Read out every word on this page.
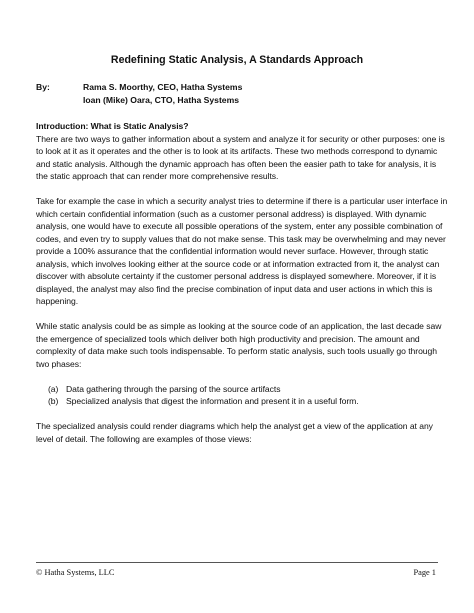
Redefining Static Analysis, A Standards Approach
By:	Rama S. Moorthy, CEO, Hatha Systems
Ioan (Mike) Oara, CTO, Hatha Systems

Introduction: What is Static Analysis?
There are two ways to gather information about a system and analyze it for security or other purposes: one is to look at it as it operates and the other is to look at its artifacts. These two methods correspond to dynamic and static analysis. Although the dynamic approach has often been the easier path to take for analysis, it is the static approach that can render more comprehensive results.

Take for example the case in which a security analyst tries to determine if there is a particular user interface in which certain confidential information (such as a customer personal address) is displayed. With dynamic analysis, one would have to execute all possible operations of the system, enter any possible combination of codes, and even try to supply values that do not make sense. This task may be overwhelming and may never provide a 100% assurance that the confidential information would never surface. However, through static analysis, which involves looking either at the source code or at information extracted from it, the analyst can discover with absolute certainty if the customer personal address is displayed somewhere. Moreover, if it is displayed, the analyst may also find the precise combination of input data and user actions in which this is happening.

While static analysis could be as simple as looking at the source code of an application, the last decade saw the emergence of specialized tools which deliver both high productivity and precision. The amount and complexity of data make such tools indispensable. To perform static analysis, such tools usually go through two phases:

(a) Data gathering through the parsing of the source artifacts
(b) Specialized analysis that digest the information and present it in a useful form.

The specialized analysis could render diagrams which help the analyst get a view of the application at any level of detail. The following are examples of those views:

© Hatha Systems, LLC	Page 1
